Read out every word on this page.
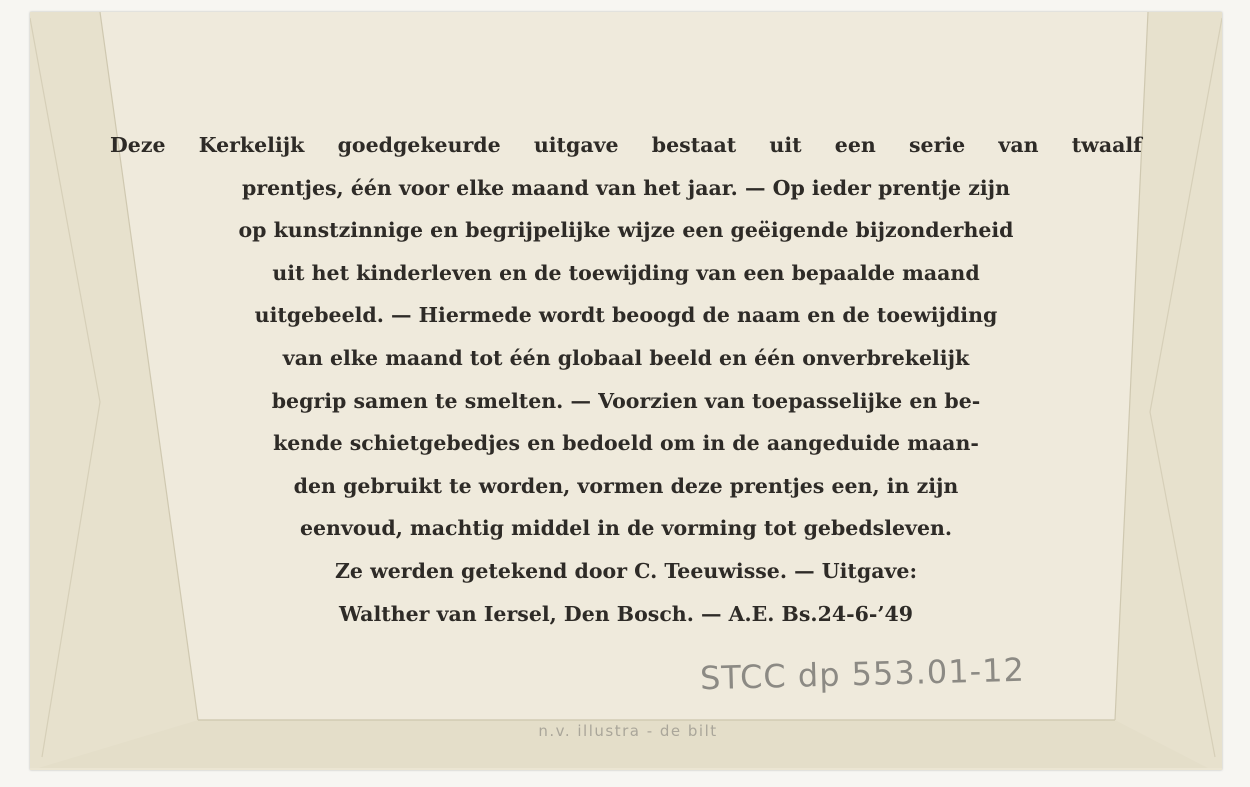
Deze Kerkelijk goedgekeurde uitgave bestaat uit een serie van twaalf
prentjes, één voor elke maand van het jaar. — Op ieder prentje zijn
op kunstzinnige en begrijpelijke wijze een geëigende bijzonderheid
uit het kinderleven en de toewijding van een bepaalde maand
uitgebeeld. — Hiermede wordt beoogd de naam en de toewijding
van elke maand tot één globaal beeld en één onverbrekelijk
begrip samen te smelten. — Voorzien van toepasselijke en be-
kende schietgebedjes en bedoeld om in de aangeduide maan-
den gebruikt te worden, vormen deze prentjes een, in zijn
eenvoud, machtig middel in de vorming tot gebedsleven.
Ze werden getekend door C. Teeuwisse. — Uitgave:
Walther van Iersel, Den Bosch. — A.E. Bs.24-6-’49
STCC dp 553.01-12
n.v. illustra - de bilt
